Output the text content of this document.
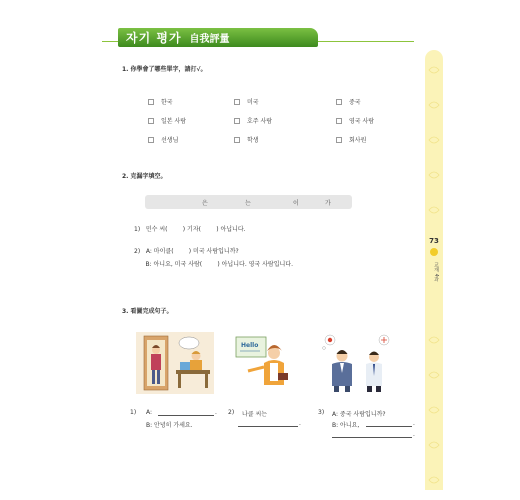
자기 평가 自我評量
73
교재 4과
1. 你學會了哪些單字，請打√。
한국	미국	중국
일본 사람	호주 사람	영국 사람
선생님	학생	회사원
2. 克漏字填空。
은	는	이	가
1)   민수 씨(        ) 기자(        ) 아닙니다.
2)   A: 마이클(        ) 미국 사람입니까?
B: 아니요, 미국 사람(        ) 아닙니다. 영국 사람입니다.
3. 看圖完成句子。
Hello
1) A:	.
B: 안녕히 가세요.
2) 나클 씨는
.
3) A: 중국 사람입니까?
B: 아니요,	.
.
